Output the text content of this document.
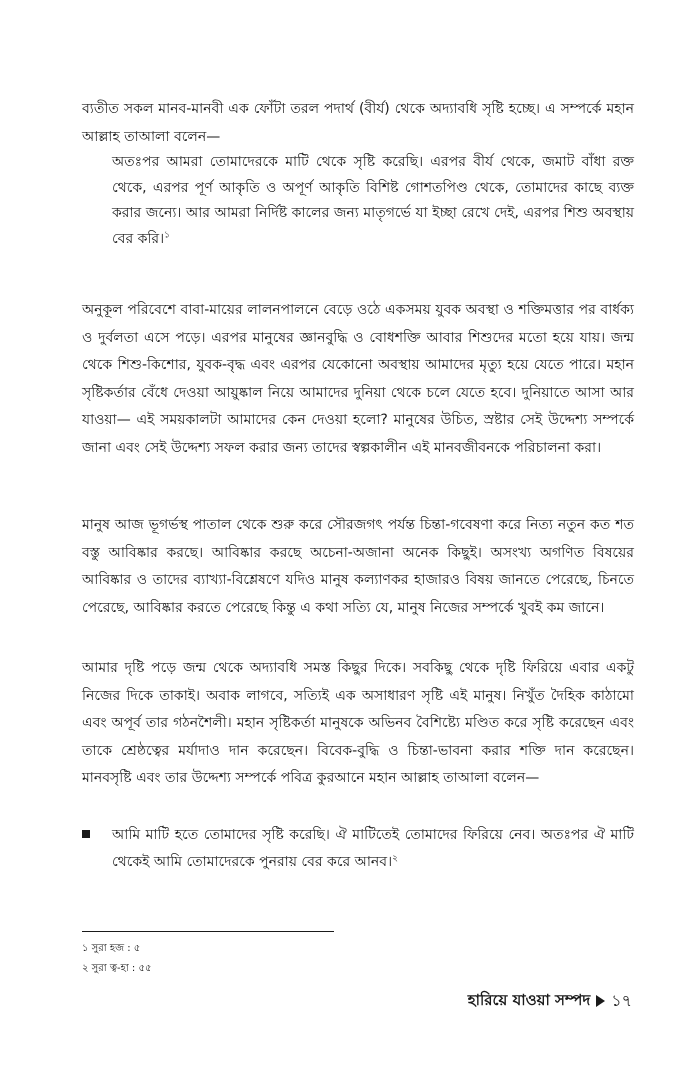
ব্যতীত সকল মানব-মানবী এক ফোঁটা তরল পদার্থ (বীর্য) থেকে অদ্যাবধি সৃষ্টি হচ্ছে। এ সম্পর্কে মহান আল্লাহ তাআলা বলেন—

অতঃপর আমরা তোমাদেরকে মাটি থেকে সৃষ্টি করেছি। এরপর বীর্য থেকে, জমাট বাঁধা রক্ত থেকে, এরপর পূর্ণ আকৃতি ও অপূর্ণ আকৃতি বিশিষ্ট গোশতপিণ্ড থেকে, তোমাদের কাছে ব্যক্ত করার জন্যে। আর আমরা নির্দিষ্ট কালের জন্য মাতৃগর্ভে যা ইচ্ছা রেখে দেই, এরপর শিশু অবস্থায় বের করি।$^১$

অনুকূল পরিবেশে বাবা-মায়ের লালনপালনে বেড়ে ওঠে একসময় যুবক অবস্থা ও শক্তিমত্তার পর বার্ধক্য ও দুর্বলতা এসে পড়ে। এরপর মানুষের জ্ঞানবুদ্ধি ও বোধশক্তি আবার শিশুদের মতো হয়ে যায়। জন্ম থেকে শিশু-কিশোর, যুবক-বৃদ্ধ এবং এরপর যেকোনো অবস্থায় আমাদের মৃত্যু হয়ে যেতে পারে। মহান সৃষ্টিকর্তার বেঁধে দেওয়া আয়ুষ্কাল নিয়ে আমাদের দুনিয়া থেকে চলে যেতে হবে। দুনিয়াতে আসা আর যাওয়া— এই সময়কালটা আমাদের কেন দেওয়া হলো? মানুষের উচিত, স্রষ্টার সেই উদ্দেশ্য সম্পর্কে জানা এবং সেই উদ্দেশ্য সফল করার জন্য তাদের স্বল্পকালীন এই মানবজীবনকে পরিচালনা করা।

মানুষ আজ ভূগর্ভস্থ পাতাল থেকে শুরু করে সৌরজগৎ পর্যন্ত চিন্তা-গবেষণা করে নিত্য নতুন কত শত বস্তু আবিষ্কার করছে। আবিষ্কার করছে অচেনা-অজানা অনেক কিছুই। অসংখ্য অগণিত বিষয়ের আবিষ্কার ও তাদের ব্যাখ্যা-বিশ্লেষণে যদিও মানুষ কল্যাণকর হাজারও বিষয় জানতে পেরেছে, চিনতে পেরেছে, আবিষ্কার করতে পেরেছে কিন্তু এ কথা সত্যি যে, মানুষ নিজের সম্পর্কে খুবই কম জানে।

আমার দৃষ্টি পড়ে জন্ম থেকে অদ্যাবধি সমস্ত কিছুর দিকে। সবকিছু থেকে দৃষ্টি ফিরিয়ে এবার একটু নিজের দিকে তাকাই। অবাক লাগবে, সত্যিই এক অসাধারণ সৃষ্টি এই মানুষ। নিখুঁত দৈহিক কাঠামো এবং অপূর্ব তার গঠনশৈলী। মহান সৃষ্টিকর্তা মানুষকে অভিনব বৈশিষ্ট্যে মণ্ডিত করে সৃষ্টি করেছেন এবং তাকে শ্রেষ্ঠত্বের মর্যাদাও দান করেছেন। বিবেক-বুদ্ধি ও চিন্তা-ভাবনা করার শক্তি দান করেছেন। মানবসৃষ্টি এবং তার উদ্দেশ্য সম্পর্কে পবিত্র কুরআনে মহান আল্লাহ তাআলা বলেন—

আমি মাটি হতে তোমাদের সৃষ্টি করেছি। ঐ মাটিতেই তোমাদের ফিরিয়ে নেব। অতঃপর ঐ মাটি থেকেই আমি তোমাদেরকে পুনরায় বের করে আনব।$^২$

১ সুরা হজ : ৫
২ সুরা ত্ব-হা : ৫৫
হারিয়ে যাওয়া সম্পদ ১৭
